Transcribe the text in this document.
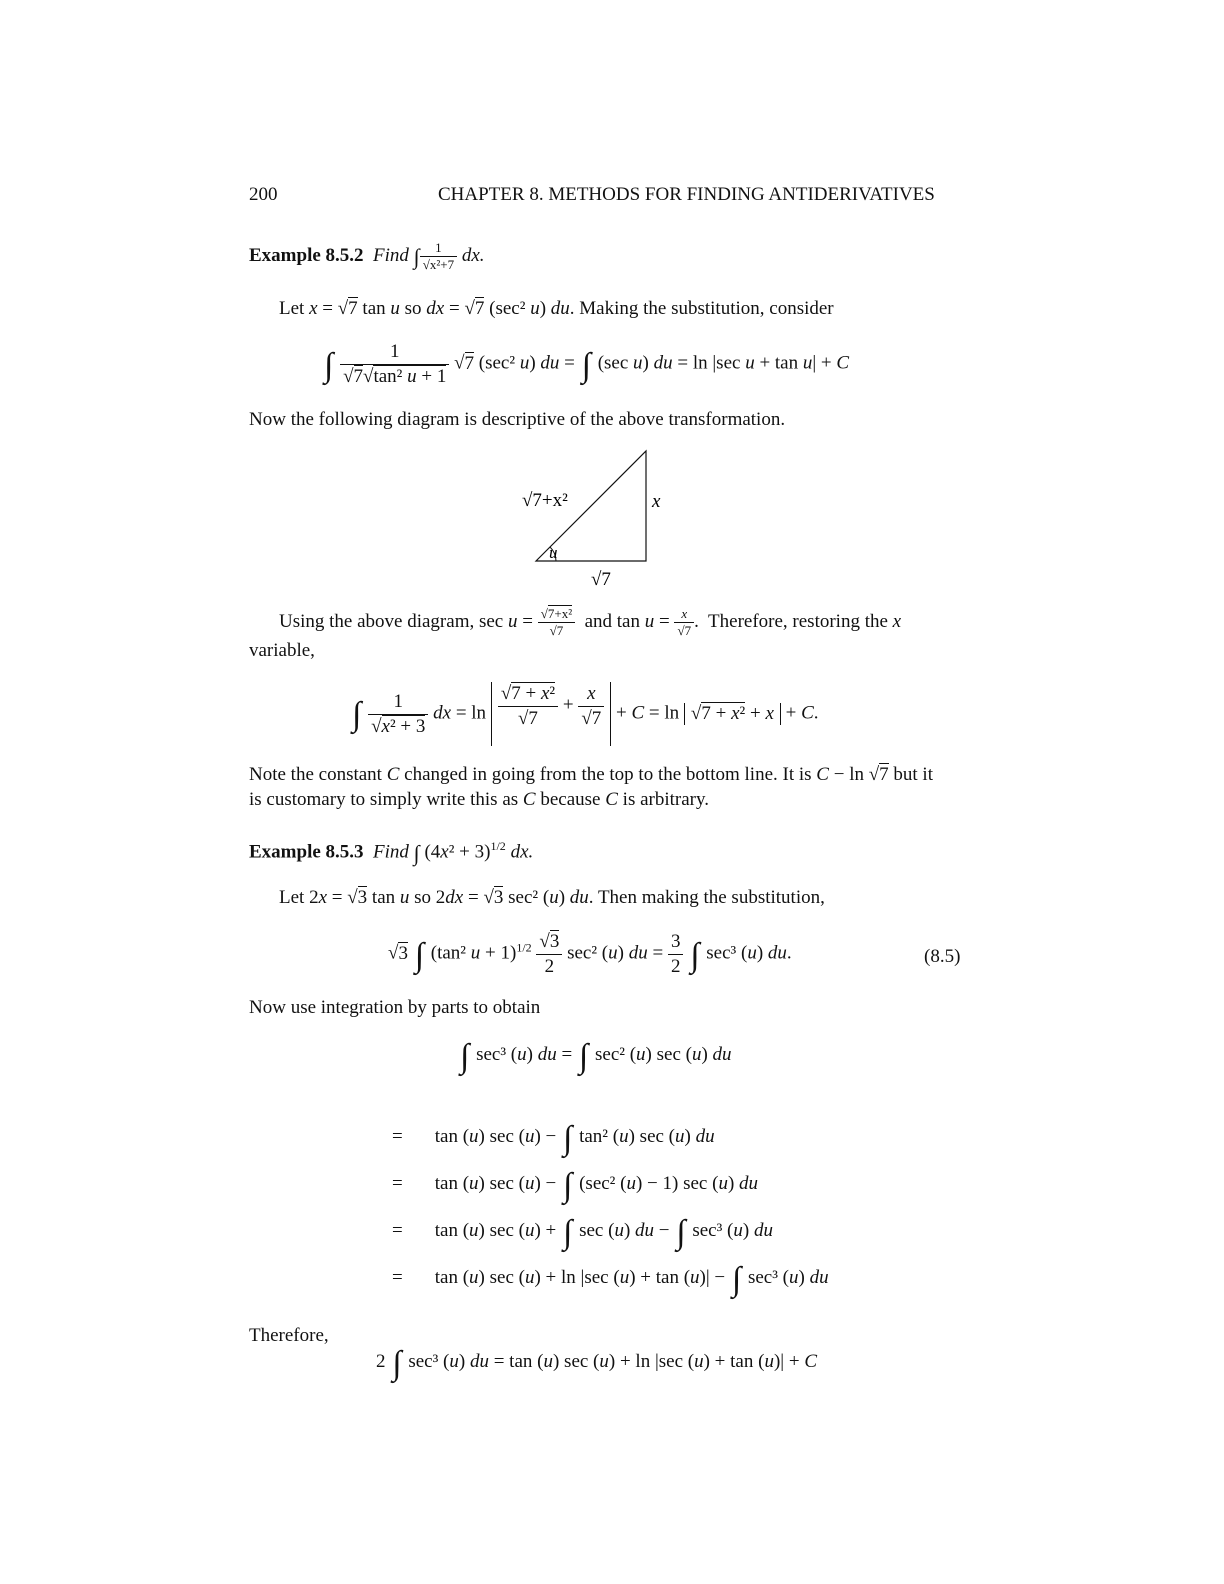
200	CHAPTER 8. METHODS FOR FINDING ANTIDERIVATIVES
Example 8.5.2 Find ∫ $\frac{1}{\text{√x²+7}}$ dx.
Let x = √7 tan u so dx = √7 (sec² u) du. Making the substitution, consider
∫ $\frac{1}{\text{√7√tan² u + 1}} √7$ (sec² u) du = ∫ (sec u) du = ln |sec u + tan u| + C
Now the following diagram is descriptive of the above transformation.
√7+x²	x
√7
u
Using the above diagram, $\sec u = \frac{\text{√7+x²}}{√7}$ and $\tan u = \frac{x}{√7}$ .  Therefore, restoring the x
variable,
∫ $\frac{1}{\text{√x² + 3}}$ dx = $\ln \frac{\text{√7 + x²}}{√7} + \frac{x}{√7} + C = \ln √7 + x^2 + x + C$.
Note the constant C changed in going from the top to the bottom line. It is C − ln √7 but it
is customary to simply write this as C because C is arbitrary.
Example 8.5.3 Find ∫ $(4x^2 + 3)^{1/2}$ dx.
Let 2x = √3 tan u so 2dx = √3 sec² (u) du. Then making the substitution,
√3 ∫ (tan² $u + 1)^{1/2} \frac{√3}{2} \sec^2$ (u) du = $\frac{3}{2}$ ∫ sec³ (u) du.	(8.5)
Now use integration by parts to obtain
∫ sec³ (u) du = ∫ sec² (u) sec (u) du
= tan (u) sec (u) − ∫ tan² (u) sec (u) du
= tan (u) sec (u) − ∫ (sec² (u) − 1) sec (u) du
= tan (u) sec (u) + ∫ sec (u) du − ∫ sec³ (u) du
= tan (u) sec (u) + ln |sec (u) + tan (u)| − ∫ sec³ (u) du
Therefore,
2 ∫ sec³ (u) du = tan (u) sec (u) + ln |sec (u) + tan (u)| + C
